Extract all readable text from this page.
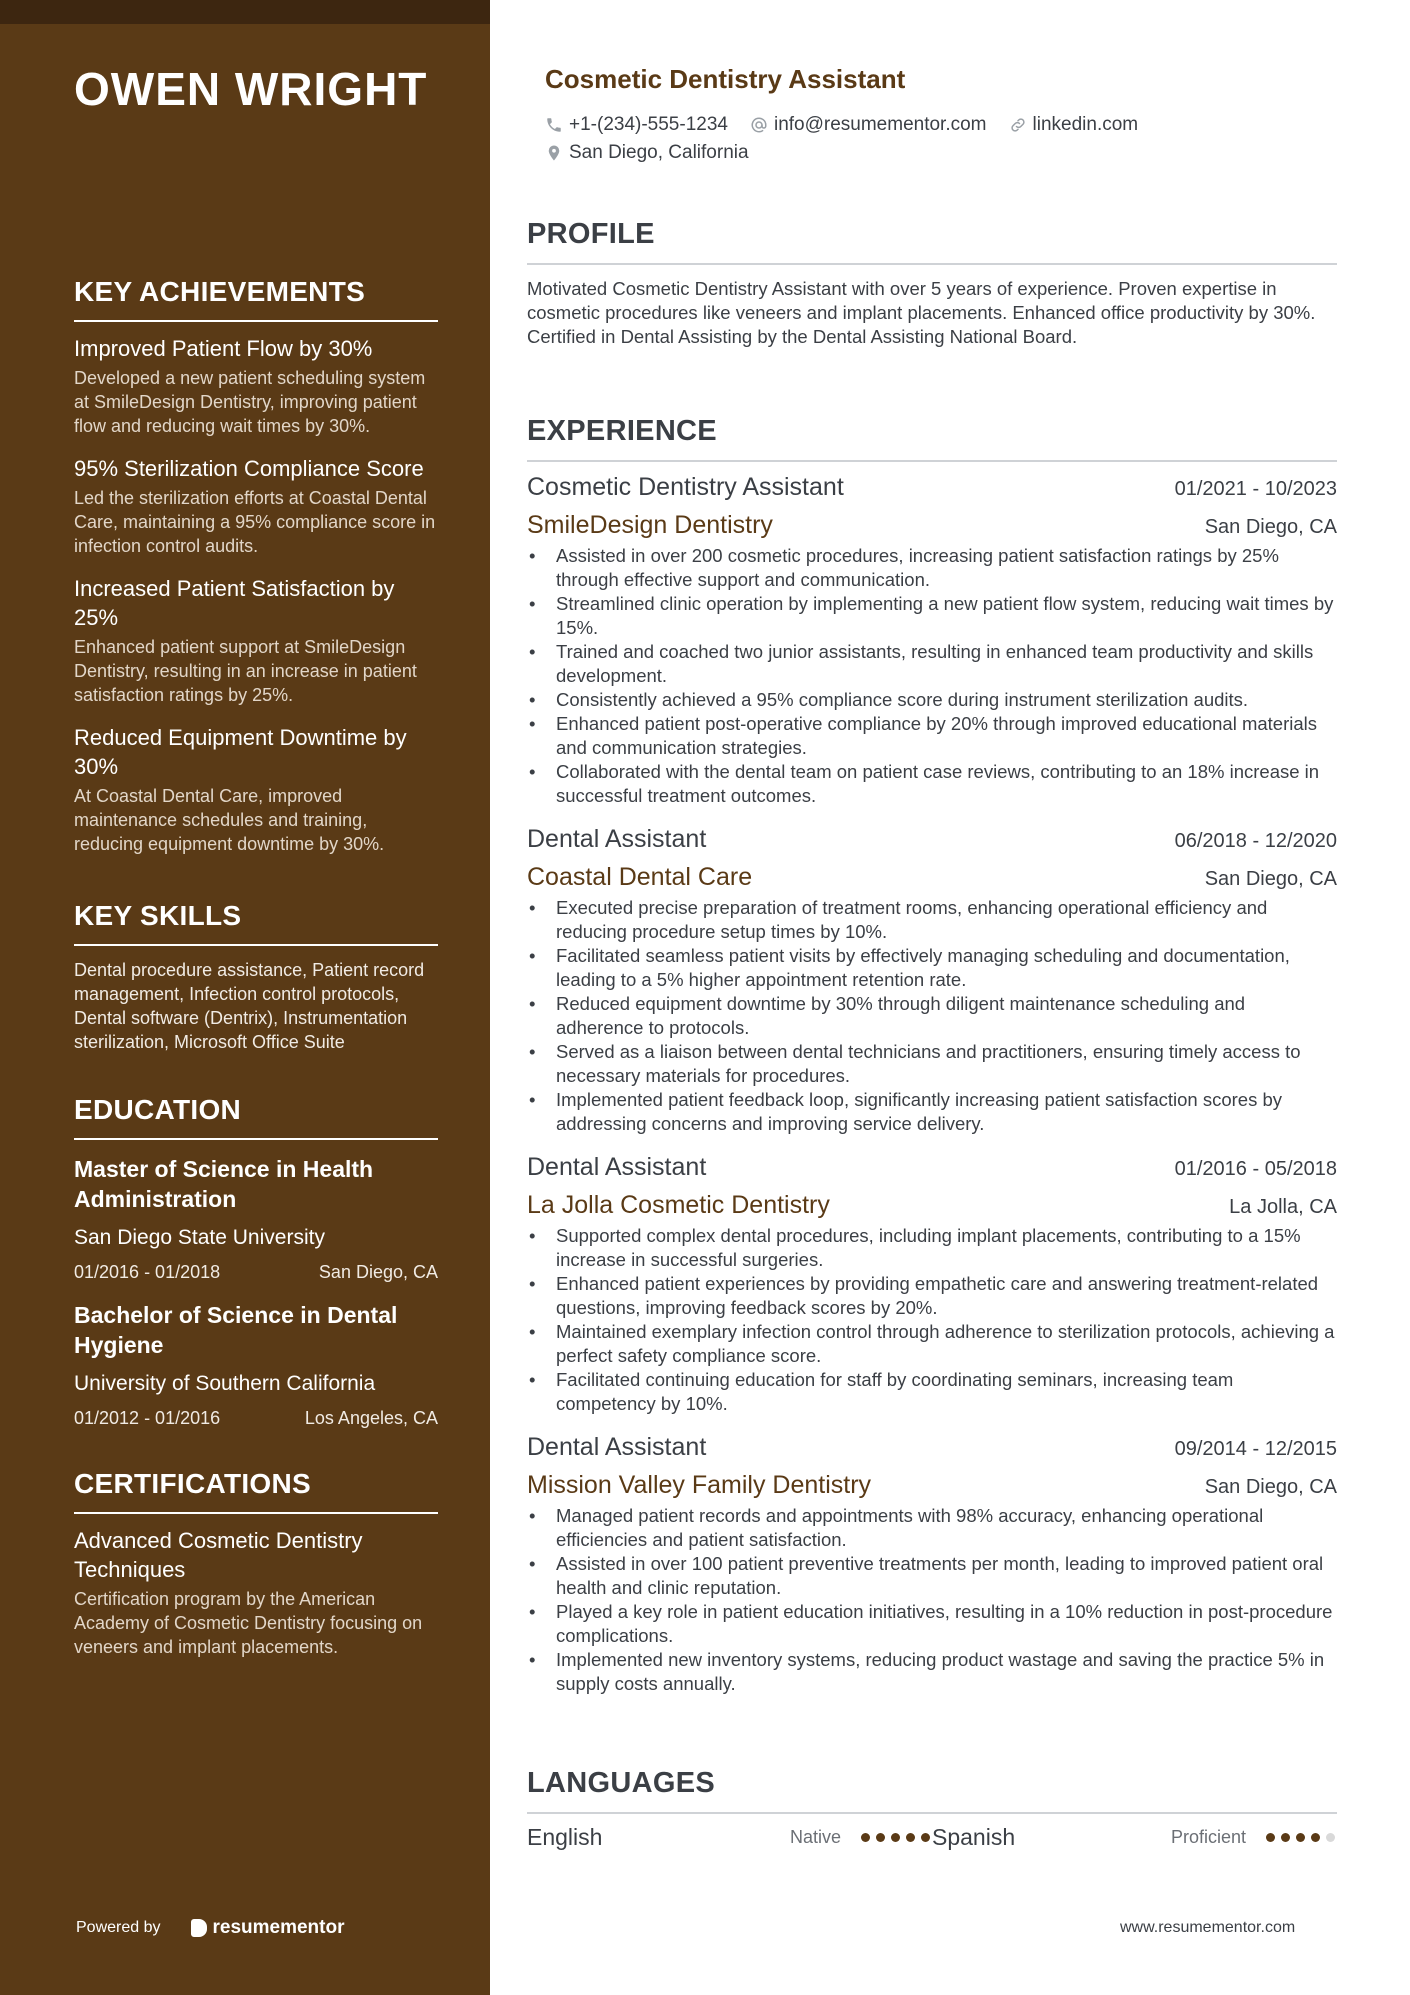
OWEN WRIGHT
KEY ACHIEVEMENTS

Improved Patient Flow by 30%

Developed a new patient scheduling system at SmileDesign Dentistry, improving patient flow and reducing wait times by 30%.

95% Sterilization Compliance Score

Led the sterilization efforts at Coastal Dental Care, maintaining a 95% compliance score in infection control audits.

Increased Patient Satisfaction by 25%

Enhanced patient support at SmileDesign Dentistry, resulting in an increase in patient satisfaction ratings by 25%.

Reduced Equipment Downtime by 30%

At Coastal Dental Care, improved maintenance schedules and training, reducing equipment downtime by 30%.

KEY SKILLS

Dental procedure assistance, Patient record management, Infection control protocols, Dental software (Dentrix), Instrumentation sterilization, Microsoft Office Suite

EDUCATION

Master of Science in Health Administration

San Diego State University

01/2016 - 01/2018	San Diego, CA

Bachelor of Science in Dental Hygiene

University of Southern California

01/2012 - 01/2016	Los Angeles, CA
CERTIFICATIONS

Advanced Cosmetic Dentistry Techniques

Certification program by the American Academy of Cosmetic Dentistry focusing on veneers and implant placements.

Powered by	resumementor
Cosmetic Dentistry Assistant
+1-(234)-555-1234 info@resumementor.com linkedin.com
San Diego, California
PROFILE

Motivated Cosmetic Dentistry Assistant with over 5 years of experience. Proven expertise in cosmetic procedures like veneers and implant placements. Enhanced office productivity by 30%. Certified in Dental Assisting by the Dental Assisting National Board.

EXPERIENCE
Cosmetic Dentistry Assistant	01/2021 - 10/2023
SmileDesign Dentistry	San Diego, CA
• Assisted in over 200 cosmetic procedures, increasing patient satisfaction ratings by 25% through effective support and communication.
• Streamlined clinic operation by implementing a new patient flow system, reducing wait times by 15%.
• Trained and coached two junior assistants, resulting in enhanced team productivity and skills development.
• Consistently achieved a 95% compliance score during instrument sterilization audits.
• Enhanced patient post-operative compliance by 20% through improved educational materials and communication strategies.
• Collaborated with the dental team on patient case reviews, contributing to an 18% increase in successful treatment outcomes.
Dental Assistant	06/2018 - 12/2020
Coastal Dental Care	San Diego, CA
• Executed precise preparation of treatment rooms, enhancing operational efficiency and reducing procedure setup times by 10%.
• Facilitated seamless patient visits by effectively managing scheduling and documentation, leading to a 5% higher appointment retention rate.
• Reduced equipment downtime by 30% through diligent maintenance scheduling and adherence to protocols.
• Served as a liaison between dental technicians and practitioners, ensuring timely access to necessary materials for procedures.
• Implemented patient feedback loop, significantly increasing patient satisfaction scores by addressing concerns and improving service delivery.
Dental Assistant	01/2016 - 05/2018
La Jolla Cosmetic Dentistry	La Jolla, CA
• Supported complex dental procedures, including implant placements, contributing to a 15% increase in successful surgeries.
• Enhanced patient experiences by providing empathetic care and answering treatment-related questions, improving feedback scores by 20%.
• Maintained exemplary infection control through adherence to sterilization protocols, achieving a perfect safety compliance score.
• Facilitated continuing education for staff by coordinating seminars, increasing team competency by 10%.
Dental Assistant	09/2014 - 12/2015
Mission Valley Family Dentistry	San Diego, CA
• Managed patient records and appointments with 98% accuracy, enhancing operational efficiencies and patient satisfaction.
• Assisted in over 100 patient preventive treatments per month, leading to improved patient oral health and clinic reputation.
• Played a key role in patient education initiatives, resulting in a 10% reduction in post-procedure complications.
• Implemented new inventory systems, reducing product wastage and saving the practice 5% in supply costs annually.
LANGUAGES
English	Native	Spanish	Proficient
www.resumementor.com
